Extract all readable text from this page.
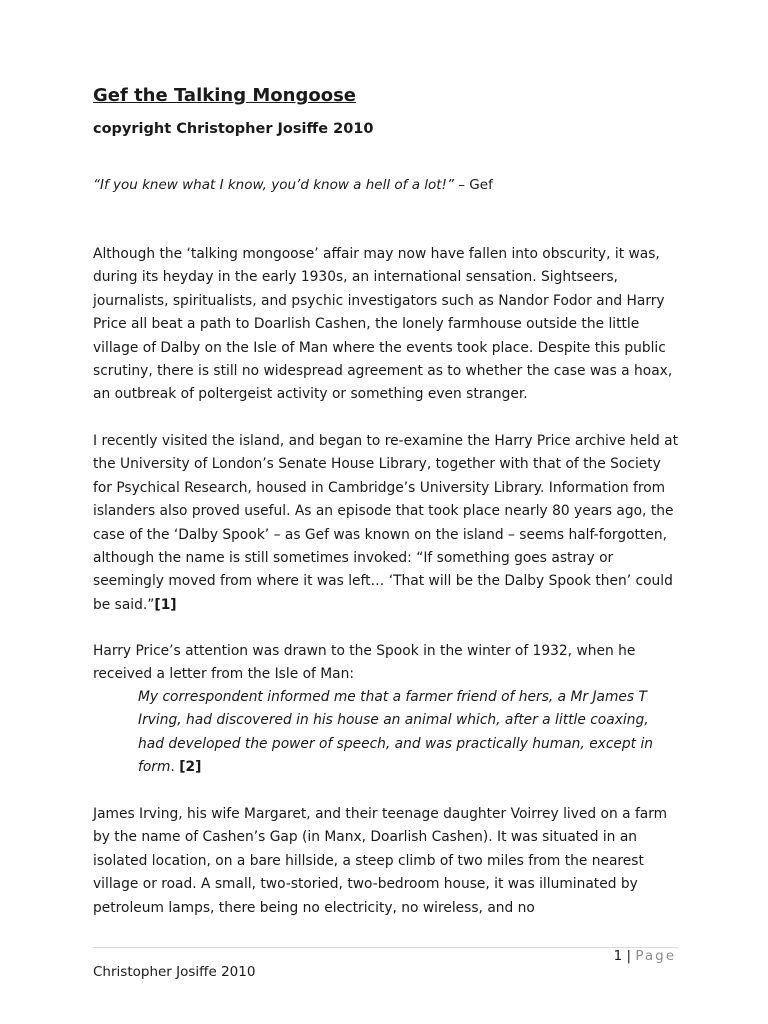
Gef the Talking Mongoose

copyright Christopher Josiffe 2010

“If you knew what I know, you’d know a hell of a lot!” – Gef

Although the ‘talking mongoose’ affair may now have fallen into obscurity, it was, during its heyday in the early 1930s, an international sensation. Sightseers, journalists, spiritualists, and psychic investigators such as Nandor Fodor and Harry Price all beat a path to Doarlish Cashen, the lonely farmhouse outside the little village of Dalby on the Isle of Man where the events took place. Despite this public scrutiny, there is still no widespread agreement as to whether the case was a hoax, an outbreak of poltergeist activity or something even stranger.

I recently visited the island, and began to re-examine the Harry Price archive held at the University of London’s Senate House Library, together with that of the Society for Psychical Research, housed in Cambridge’s University Library. Information from islanders also proved useful. As an episode that took place nearly 80 years ago, the case of the ‘Dalby Spook’ – as Gef was known on the island – seems half-forgotten, although the name is still sometimes invoked: “If something goes astray or seemingly moved from where it was left… ‘That will be the Dalby Spook then’ could be said.”[1]

Harry Price’s attention was drawn to the Spook in the winter of 1932, when he received a letter from the Isle of Man:

My correspondent informed me that a farmer friend of hers, a Mr James T Irving, had discovered in his house an animal which, after a little coaxing, had developed the power of speech, and was practically human, except in form. [2]

James Irving, his wife Margaret, and their teenage daughter Voirrey lived on a farm by the name of Cashen’s Gap (in Manx, Doarlish Cashen). It was situated in an isolated location, on a bare hillside, a steep climb of two miles from the nearest village or road. A small, two-storied, two-bedroom house, it was illuminated by petroleum lamps, there being no electricity, no wireless, and no

1 | Page
Christopher Josiffe 2010
